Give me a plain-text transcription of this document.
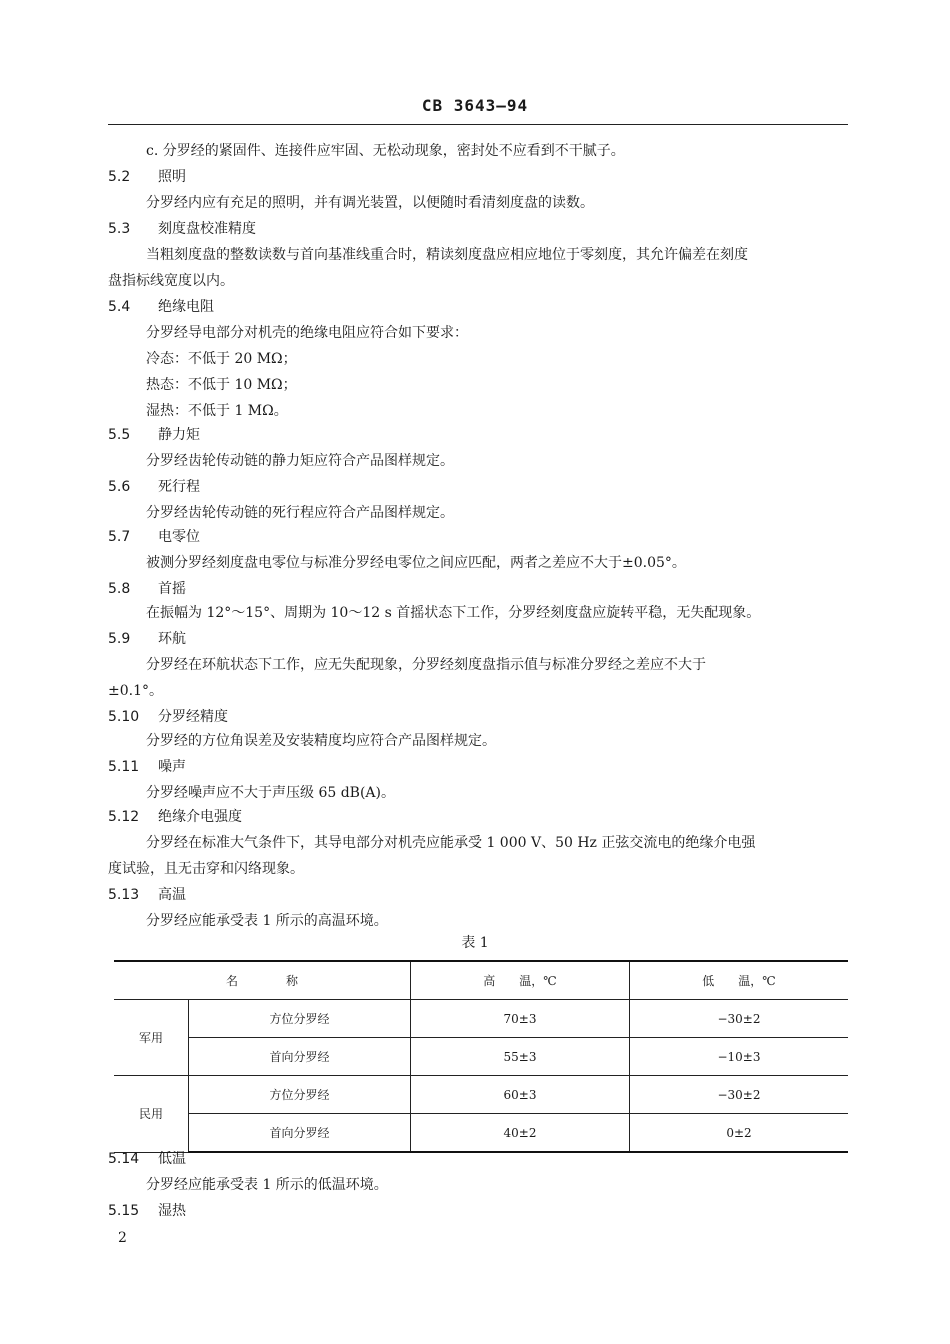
CB 3643—94
c. 分罗经的紧固件、连接件应牢固、无松动现象，密封处不应看到不干腻子。
5.2 照明
分罗经内应有充足的照明，并有调光装置，以便随时看清刻度盘的读数。
5.3 刻度盘校准精度
当粗刻度盘的整数读数与首向基准线重合时，精读刻度盘应相应地位于零刻度，其允许偏差在刻度
盘指标线宽度以内。
5.4 绝缘电阻
分罗经导电部分对机壳的绝缘电阻应符合如下要求：
冷态：不低于 20 MΩ；
热态：不低于 10 MΩ；
湿热：不低于 1 MΩ。
5.5 静力矩
分罗经齿轮传动链的静力矩应符合产品图样规定。
5.6 死行程
分罗经齿轮传动链的死行程应符合产品图样规定。
5.7 电零位
被测分罗经刻度盘电零位与标准分罗经电零位之间应匹配，两者之差应不大于±0.05°。
5.8 首摇
在振幅为 12°～15°、周期为 10～12 s 首摇状态下工作，分罗经刻度盘应旋转平稳，无失配现象。
5.9 环航
分罗经在环航状态下工作，应无失配现象，分罗经刻度盘指示值与标准分罗经之差应不大于
±0.1°。
5.10 分罗经精度
分罗经的方位角误差及安装精度均应符合产品图样规定。
5.11 噪声
分罗经噪声应不大于声压级 65 dB(A)。
5.12 绝缘介电强度
分罗经在标准大气条件下，其导电部分对机壳应能承受 1 000 V、50 Hz 正弦交流电的绝缘介电强
度试验，且无击穿和闪络现象。
5.13 高温
分罗经应能承受表 1 所示的高温环境。
表 1
名　　　　称		高　　温，℃	低　　温，℃
军用	方位分罗经	70±3	−30±2
	首向分罗经	55±3	−10±3
民用	方位分罗经	60±3	−30±2
	首向分罗经	40±2	0±2
5.14 低温
分罗经应能承受表 1 所示的低温环境。
5.15 湿热
2
